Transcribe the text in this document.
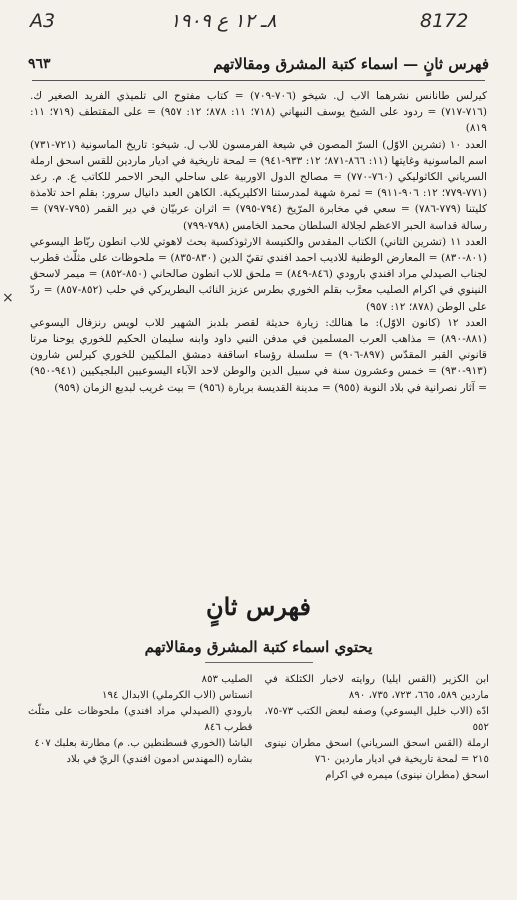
A3	٨ـ ١٢ ع ١٩٠٩	8172
فهرس ثانٍ — اسماء كتبة المشرق ومقالاتهم
٩٦٣
×

كيرلس طانانس نشرهما الاب ل. شيخو (٧٠٦-٧٠٩) = كتاب مفتوح الى تلميذي الفريد الصغير ك. (٧١٦-٧١٧) = ردود على الشيخ يوسف النبهاني (٧١٨؛ ١١: ٨٧٨؛ ١٢: ٩٥٧) = على المقتطف (٧١٩؛ ١١: ٨١٩)

العدد ١٠ (تشرين الاوّل) السرّ المصون في شيعة الفرمسون للاب ل. شيخو: تاريخ الماسونية (٧٢١-٧٣١) اسم الماسونية وغايتها (١١: ٨٦٦-٨٧١؛ ١٢: ٩٣٣-٩٤١) = لمحة تاريخية في اديار ماردين للقس اسحق ارملة السرياني الكاثوليكي (٧٦٠-٧٧٠) = مصالح الدول الاوربية على ساحلي البحر الاحمر للكاتب ع. م. رعد (٧٧١-٧٧٩؛ ١٢: ٩٠٦-٩١١) = ثمرة شهية لمدرستنا الاكليريكية. الكاهن العبد دانيال سرور: بقلم احد تلامذة كليتنا (٧٧٩-٧٨٦) = سعي في مخابرة المرّيخ (٧٩٤-٧٩٥) = اثران عربيّان في دير القمر (٧٩٥-٧٩٧) = رسالة قداسة الحبر الاعظم لجلالة السلطان محمد الخامس (٧٩٨-٧٩٩)

العدد ١١ (تشرين الثاني) الكتاب المقدس والكنيسة الارثوذكسية بحث لاهوتي للاب انطون ربّاط اليسوعي (٨٠١-٨٣٠) = المعارض الوطنية للاديب احمد افندي تقيّ الدين (٨٣٠-٨٣٥) = ملحوظات على مثلّث قطرب لجناب الصيدلي مراد افندي بارودي (٨٤٦-٨٤٩) = ملحق للاب انطون صالحاني (٨٥٠-٨٥٢) = ميمر لاسحق النينوي في اكرام الصليب معرَّب بقلم الخوري بطرس عزيز النائب البطريركي في حلب (٨٥٢-٨٥٧) = ردّ على الوطن (٨٧٨؛ ١٢: ٩٥٧)

العدد ١٢ (كانون الاوّل): ما هنالك: زيارة حديثة لقصر بلدبز الشهير للاب لويس رنزفال اليسوعي (٨٨١-٨٩٠) = مذاهب العرب المسلمين في مدفن النبي داود وابنه سليمان الحكيم للخوري يوحنا مرتا قانوني القبر المقدّس (٨٩٧-٩٠٦) = سلسلة رؤساء اساقفة دمشق الملكيين للخوري كيرلس شارون (٩١٣-٩٣٠) = خمس وعشرون سنة في سبيل الدين والوطن لاحد الآباء اليسوعيين البلجيكيين (٩٤١-٩٥٠) = آثار نصرانية في بلاد النوبة (٩٥٥) = مدينة القديسة بربارة (٩٥٦) = بيت غريب لبديع الزمان (٩٥٩)

فهرس ثانٍ
يحتوي اسماء كتبة المشرق ومقالاتهم

ابن الكزير (القس ايليا) روايته لاخبار الكثلكة في ماردين ٥٨٩، ٦٦٥، ٧٢٣، ٧٣٥، ٨٩٠

ادّه (الاب خليل اليسوعي) وصفه لبعض الكتب ٧٣-٧٥، ٥٥٢

ارملة (القس اسحق السرياني) اسحق مطران نينوى ٢١٥ = لمحة تاريخية في اديار ماردين ٧٦٠

اسحق (مطران نينوى) ميمره في اكرام

الصليب ٨٥٣

انستاس (الاب الكرملي) الابدال ١٩٤

بارودي (الصيدلي مراد افندي) ملحوظات على مثلّث قطرب ٨٤٦

الباشا (الخوري قسطنطين ب. م) مطارنة بعلبك ٤٠٧

بشاره (المهندس ادمون افندي) الريّ في بلاد
